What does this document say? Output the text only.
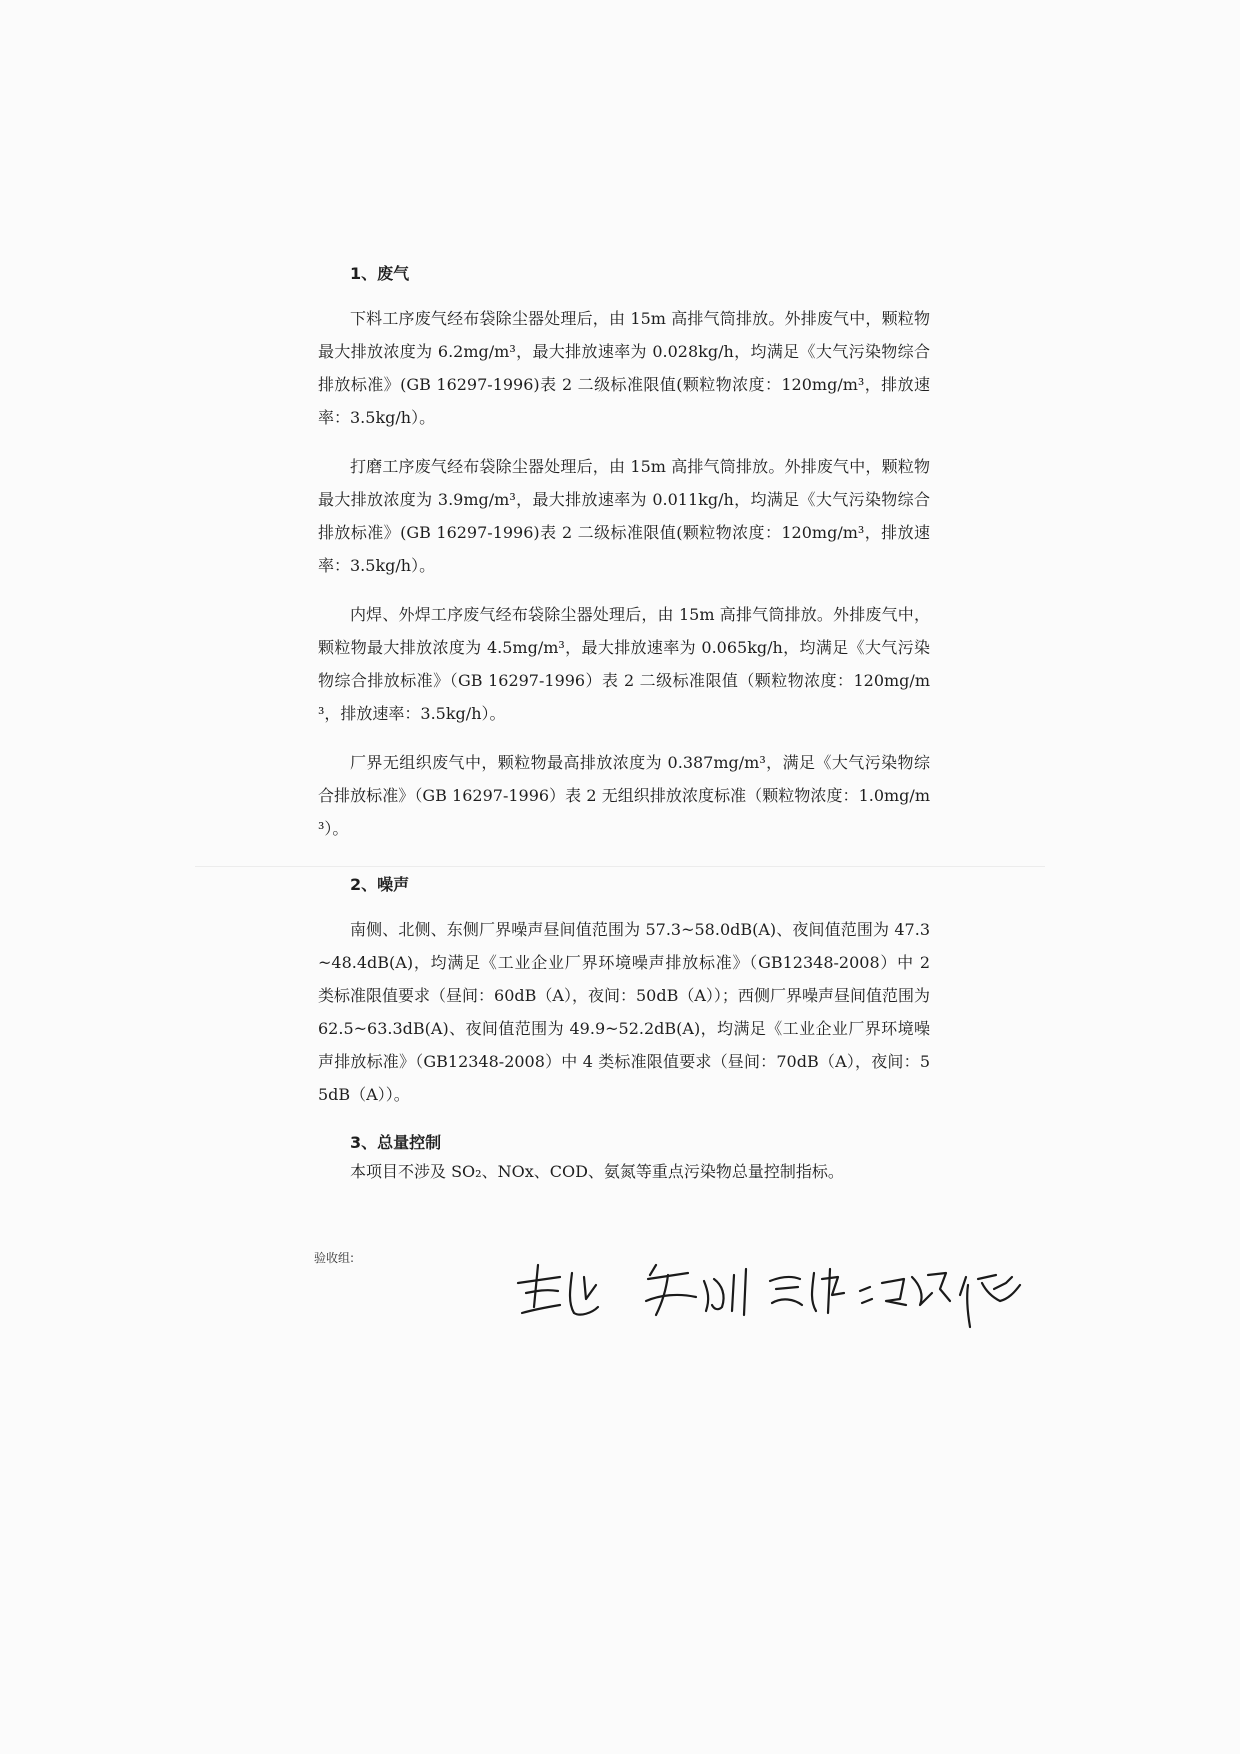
1、废气

下料工序废气经布袋除尘器处理后，由 15m 高排气筒排放。外排废气中，颗粒物最大排放浓度为 6.2mg/m³，最大排放速率为 0.028kg/h，均满足《大气污染物综合排放标准》(GB 16297-1996)表 2 二级标准限值(颗粒物浓度：120mg/m³，排放速率：3.5kg/h）。

打磨工序废气经布袋除尘器处理后，由 15m 高排气筒排放。外排废气中，颗粒物最大排放浓度为 3.9mg/m³，最大排放速率为 0.011kg/h，均满足《大气污染物综合排放标准》(GB 16297-1996)表 2 二级标准限值(颗粒物浓度：120mg/m³，排放速率：3.5kg/h）。

内焊、外焊工序废气经布袋除尘器处理后，由 15m 高排气筒排放。外排废气中，颗粒物最大排放浓度为 4.5mg/m³，最大排放速率为 0.065kg/h，均满足《大气污染物综合排放标准》（GB 16297-1996）表 2 二级标准限值（颗粒物浓度：120mg/m³，排放速率：3.5kg/h）。

厂界无组织废气中，颗粒物最高排放浓度为 0.387mg/m³，满足《大气污染物综合排放标准》（GB 16297-1996）表 2 无组织排放浓度标准（颗粒物浓度：1.0mg/m³）。

2、噪声

南侧、北侧、东侧厂界噪声昼间值范围为 57.3~58.0dB(A)、夜间值范围为 47.3~48.4dB(A)，均满足《工业企业厂界环境噪声排放标准》（GB12348-2008）中 2 类标准限值要求（昼间：60dB（A），夜间：50dB（A））；西侧厂界噪声昼间值范围为 62.5~63.3dB(A)、夜间值范围为 49.9~52.2dB(A)，均满足《工业企业厂界环境噪声排放标准》（GB12348-2008）中 4 类标准限值要求（昼间：70dB（A），夜间：55dB（A））。

3、总量控制

本项目不涉及 SO₂、NOx、COD、氨氮等重点污染物总量控制指标。

验收组:
